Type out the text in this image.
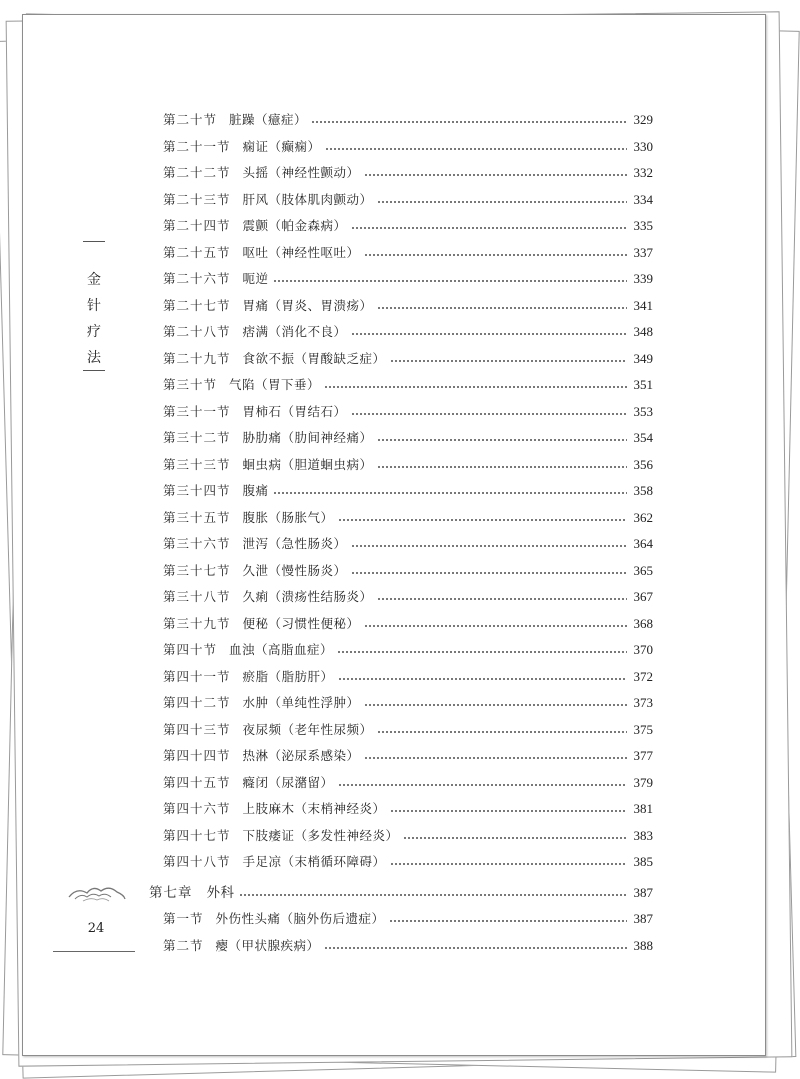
金
针
疗
法
24
第二十节 脏躁（癔症）	329
第二十一节 痫证（癫痫）	330
第二十二节 头摇（神经性颤动）	332
第二十三节 肝风（肢体肌肉颤动）	334
第二十四节 震颤（帕金森病）	335
第二十五节 呕吐（神经性呕吐）	337
第二十六节 呃逆	339
第二十七节 胃痛（胃炎、胃溃疡）	341
第二十八节 痞满（消化不良）	348
第二十九节 食欲不振（胃酸缺乏症）	349
第三十节 气陷（胃下垂）	351
第三十一节 胃柿石（胃结石）	353
第三十二节 胁肋痛（肋间神经痛）	354
第三十三节 蛔虫病（胆道蛔虫病）	356
第三十四节 腹痛	358
第三十五节 腹胀（肠胀气）	362
第三十六节 泄泻（急性肠炎）	364
第三十七节 久泄（慢性肠炎）	365
第三十八节 久痢（溃疡性结肠炎）	367
第三十九节 便秘（习惯性便秘）	368
第四十节 血浊（高脂血症）	370
第四十一节 瘀脂（脂肪肝）	372
第四十二节 水肿（单纯性浮肿）	373
第四十三节 夜尿频（老年性尿频）	375
第四十四节 热淋（泌尿系感染）	377
第四十五节 癃闭（尿潴留）	379
第四十六节 上肢麻木（末梢神经炎）	381
第四十七节 下肢痿证（多发性神经炎）	383
第四十八节 手足凉（末梢循环障碍）	385
第七章 外科	387
第一节 外伤性头痛（脑外伤后遗症）	387
第二节 瘿（甲状腺疾病）	388
